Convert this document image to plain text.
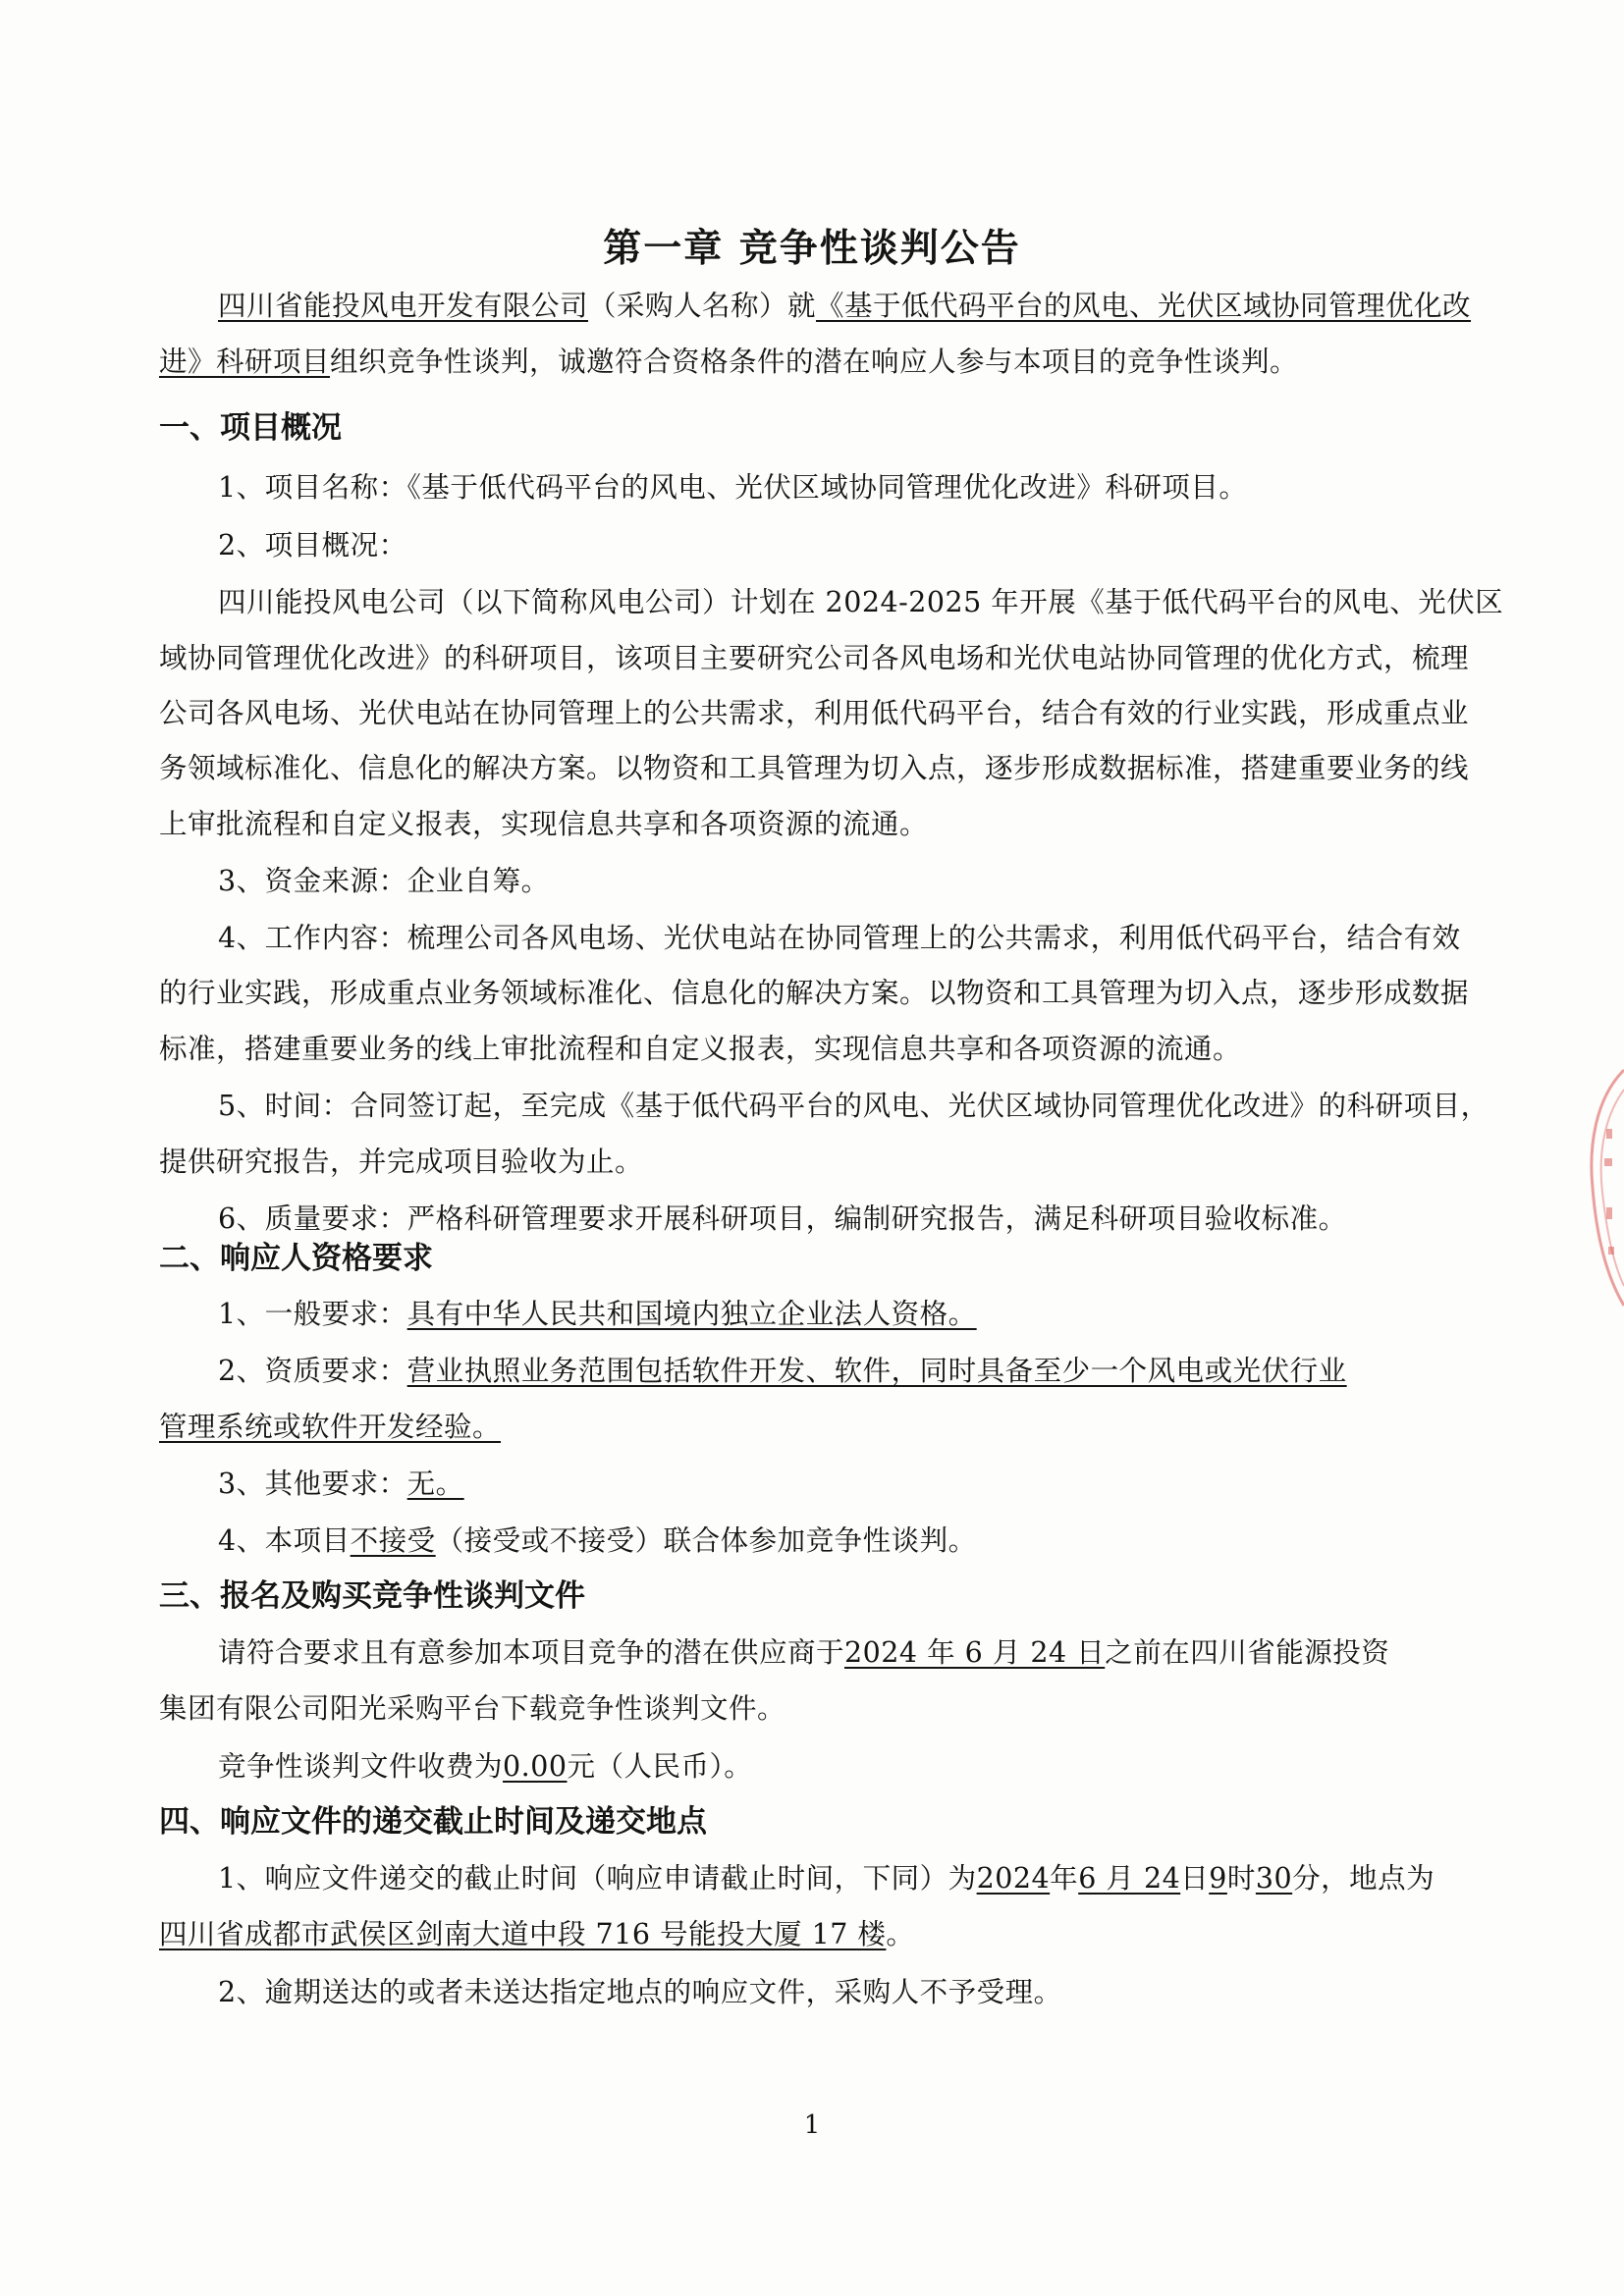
第一章 竞争性谈判公告
四川省能投风电开发有限公司（采购人名称）就《基于低代码平台的风电、光伏区域协同管理优化改
进》科研项目组织竞争性谈判，诚邀符合资格条件的潜在响应人参与本项目的竞争性谈判。
一、项目概况
1、项目名称：《基于低代码平台的风电、光伏区域协同管理优化改进》科研项目。
2、项目概况：
四川能投风电公司（以下简称风电公司）计划在 2024-2025 年开展《基于低代码平台的风电、光伏区
域协同管理优化改进》的科研项目，该项目主要研究公司各风电场和光伏电站协同管理的优化方式，梳理
公司各风电场、光伏电站在协同管理上的公共需求，利用低代码平台，结合有效的行业实践，形成重点业
务领域标准化、信息化的解决方案。以物资和工具管理为切入点，逐步形成数据标准，搭建重要业务的线
上审批流程和自定义报表，实现信息共享和各项资源的流通。
3、资金来源：企业自筹。
4、工作内容：梳理公司各风电场、光伏电站在协同管理上的公共需求，利用低代码平台，结合有效
的行业实践，形成重点业务领域标准化、信息化的解决方案。以物资和工具管理为切入点，逐步形成数据
标准，搭建重要业务的线上审批流程和自定义报表，实现信息共享和各项资源的流通。
5、时间：合同签订起，至完成《基于低代码平台的风电、光伏区域协同管理优化改进》的科研项目，
提供研究报告，并完成项目验收为止。
6、质量要求：严格科研管理要求开展科研项目，编制研究报告，满足科研项目验收标准。
二、响应人资格要求
1、一般要求：具有中华人民共和国境内独立企业法人资格。
2、资质要求：营业执照业务范围包括软件开发、软件，同时具备至少一个风电或光伏行业
管理系统或软件开发经验。
3、其他要求：无。
4、本项目不接受（接受或不接受）联合体参加竞争性谈判。
三、报名及购买竞争性谈判文件
请符合要求且有意参加本项目竞争的潜在供应商于2024 年 6 月 24 日之前在四川省能源投资
集团有限公司阳光采购平台下载竞争性谈判文件。
竞争性谈判文件收费为0.00元（人民币）。
四、响应文件的递交截止时间及递交地点
1、响应文件递交的截止时间（响应申请截止时间，下同）为2024年6 月 24日9时30分，地点为
四川省成都市武侯区剑南大道中段 716 号能投大厦 17 楼。
2、逾期送达的或者未送达指定地点的响应文件，采购人不予受理。
1
